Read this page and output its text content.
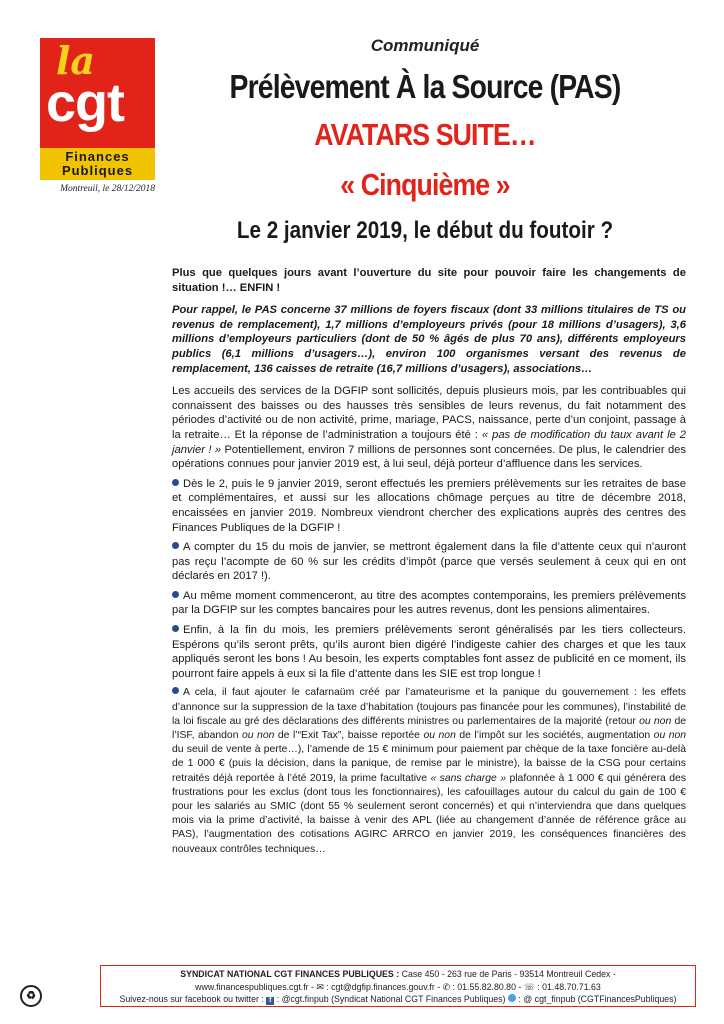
la
cgt
Finances
Publiques
Montreuil, le 28/12/2018
Communiqué
Prélèvement À la Source (PAS)
AVATARS SUITE…
« Cinquième »
Le 2 janvier 2019, le début du foutoir ?

Plus que quelques jours avant l’ouverture du site pour pouvoir faire les changements de situation !… ENFIN !

Pour rappel, le PAS concerne 37 millions de foyers fiscaux (dont 33 millions titulaires de TS ou revenus de remplacement), 1,7 millions d’employeurs privés (pour 18 millions d’usagers), 3,6 millions d’employeurs particuliers (dont de 50 % âgés de plus 70 ans), différents employeurs publics (6,1 millions d’usagers…), environ 100 organismes versant des revenus de remplacement, 136 caisses de retraite (16,7 millions d’usagers), associations…

Les accueils des services de la DGFIP sont sollicités, depuis plusieurs mois, par les contribuables qui connaissent des baisses ou des hausses très sensibles de leurs revenus, du fait notamment des périodes d’activité ou de non activité, prime, mariage, PACS, naissance, perte d’un conjoint, passage à la retraite… Et la réponse de l’administration a toujours été : « pas de modification du taux avant le 2 janvier ! » Potentiellement, environ 7 millions de personnes sont concernées. De plus, le calendrier des opérations connues pour janvier 2019 est, à lui seul, déjà porteur d’affluence dans les services.

Dès le 2, puis le 9 janvier 2019, seront effectués les premiers prélèvements sur les retraites de base et complémentaires, et aussi sur les allocations chômage perçues au titre de décembre 2018, encaissées en janvier 2019. Nombreux viendront chercher des explications auprès des centres des Finances Publiques de la DGFIP !

A compter du 15 du mois de janvier, se mettront également dans la file d’attente ceux qui n’auront pas reçu l’acompte de 60 % sur les crédits d’impôt (parce que versés seulement à ceux qui en ont déclarés en 2017 !).

Au même moment commenceront, au titre des acomptes contemporains, les premiers prélèvements par la DGFIP sur les comptes bancaires pour les autres revenus, dont les pensions alimentaires.

Enfin, à la fin du mois, les premiers prélèvements seront généralisés par les tiers collecteurs. Espérons qu’ils seront prêts, qu’ils auront bien digéré l’indigeste cahier des charges et que les taux appliqués seront les bons ! Au besoin, les experts comptables font assez de publicité en ce moment, ils pourront faire appels à eux si la file d’attente dans les SIE est trop longue !

A cela, il faut ajouter le cafarnaüm créé par l’amateurisme et la panique du gouvernement : les effets d’annonce sur la suppression de la taxe d’habitation (toujours pas financée pour les communes), l’instabilité de la loi fiscale au gré des déclarations des différents ministres ou parlementaires de la majorité (retour ou non de l’ISF, abandon ou non de l’“Exit Tax”, baisse reportée ou non de l’impôt sur les sociétés, augmentation ou non du seuil de vente à perte…), l’amende de 15 € minimum pour paiement par chèque de la taxe foncière au-delà de 1 000 € (puis la décision, dans la panique, de remise par le ministre), la baisse de la CSG pour certains retraités déjà reportée à l’été 2019, la prime facultative « sans charge » plafonnée à 1 000 € qui générera des frustrations pour les exclus (dont tous les fonctionnaires), les cafouillages autour du calcul du gain de 100 € pour les salariés au SMIC (dont 55 % seulement seront concernés) et qui n’interviendra que dans quelques mois via la prime d’activité, la baisse à venir des APL (liée au changement d’année de référence grâce au PAS), l’augmentation des cotisations AGIRC ARRCO en janvier 2019, les conséquences financières des nouveaux contrôles techniques…

♻
SYNDICAT NATIONAL CGT FINANCES PUBLIQUES : Case 450 - 263 rue de Paris - 93514 Montreuil Cedex -
www.financespubliques.cgt.fr - ✉ : cgt@dgfip.finances.gouv.fr - ✆ : 01.55.82.80.80 - ☏ : 01.48.70.71.63
Suivez-nous sur facebook ou twitter : f : @cgt.finpub (Syndicat National CGT Finances Publiques) : @ cgt_finpub (CGTFinancesPubliques)
